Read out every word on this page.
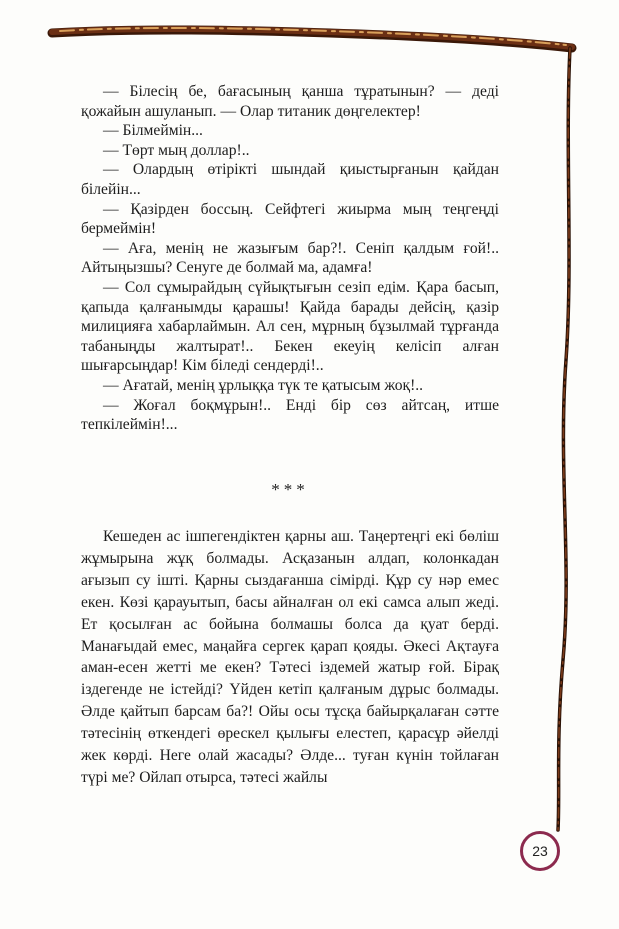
— Білесің бе, бағасының қанша тұратынын? — деді қожайын ашуланып. — Олар титаник дөңгелектер!

— Білмеймін...

— Төрт мың доллар!..

— Олардың өтірікті шындай қиыстырғанын қайдан білейін...

— Қазірден боссың. Сейфтегі жиырма мың теңгеңді бермеймін!

— Аға, менің не жазығым бар?!. Сеніп қалдым ғой!.. Айтыңызшы? Сенуге де болмай ма, адамға!

— Сол сұмырайдың сүйықтығын сезіп едім. Қара басып, қапыда қалғанымды қарашы! Қайда барады дейсің, қазір милицияға хабарлаймын. Ал сен, мұрның бұзылмай тұрғанда табаныңды жалтырат!.. Бекен екеуің келісіп алған шығарсыңдар! Кім біледі сендерді!..

— Ағатай, менің ұрлыққа түк те қатысым жоқ!..

— Жоғал боқмұрын!.. Енді бір сөз айтсаң, итше тепкілеймін!...

***
Кешеден ас ішпегендіктен қарны аш. Таңертеңгі екі бөлiш жұмырына жұқ болмады. Асқазанын алдап, колонкадан ағызып су ішті. Қарны сыздағанша сімірді. Құр су нәр емес екен. Көзі қарауытып, басы айналған ол екі самса алып жеді. Ет қосылған ас бойына болмашы болса да қуат берді. Манағыдай емес, маңайға сергек қарап қояды. Әкесі Ақтауға аман-есен жетті ме екен? Тәтесі іздемей жатыр ғой. Бірақ іздегенде не істейді? Үйден кетіп қалғаным дұрыс болмады. Әлде қайтып барсам ба?! Ойы осы тұсқа байырқалаған сәтте тәтесінің өткендегі өрескел қылығы елестеп, қарасұр әйелді жек көрді. Неге олай жасады? Әлде... туған күнін тойлаған түрі ме? Ойлап отырса, тәтесі жайлы
23
